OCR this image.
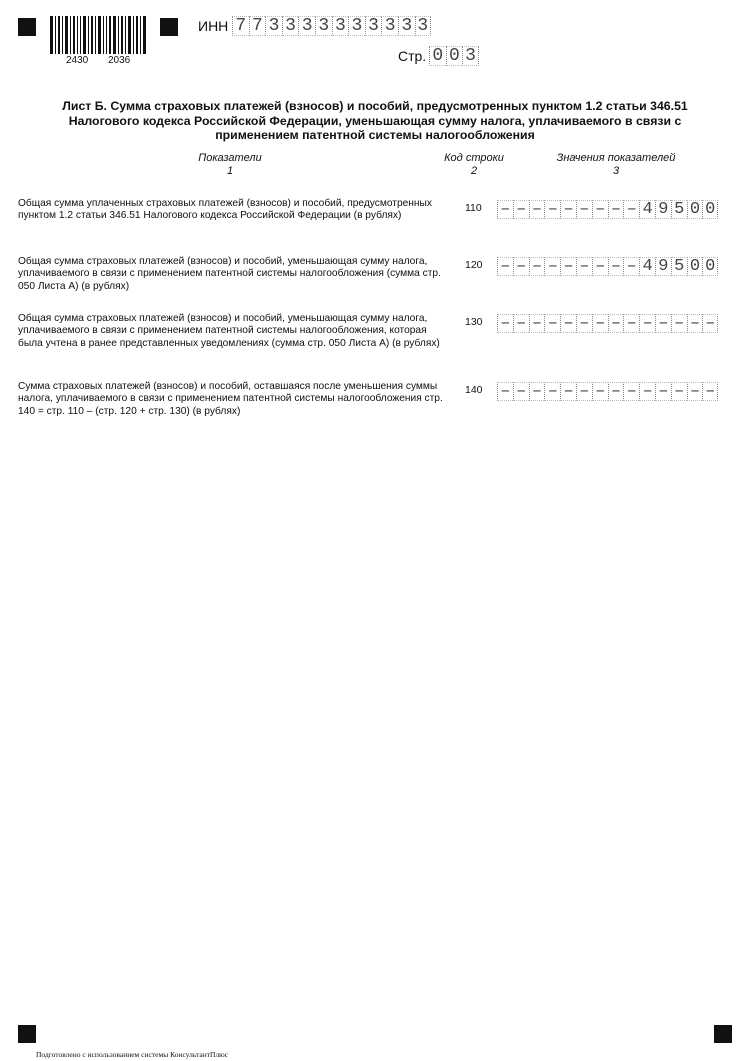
2430 2036
ИНН 7 7 3 3 3 3 3 3 3 3 3 3
Стр. 0 0 3
Лист Б. Сумма страховых платежей (взносов) и пособий, предусмотренных пунктом 1.2 статьи 346.51 Налогового кодекса Российской Федерации, уменьшающая сумму налога, уплачиваемого в связи с применением патентной системы налогообложения
Показатели
1
Код строки
2
Значения показателей
3
Общая сумма уплаченных страховых платежей (взносов) и пособий, предусмотренных пунктом 1.2 статьи 346.51 Налогового кодекса Российской Федерации (в рублях)
110 – – – – – – – – – 4 9 5 0 0
Общая сумма страховых платежей (взносов) и пособий, уменьшающая сумму налога, уплачиваемого в связи с применением патентной системы налогообложения (сумма стр. 050 Листа А) (в рублях)
120 – – – – – – – – – 4 9 5 0 0
Общая сумма страховых платежей (взносов) и пособий, уменьшающая сумму налога, уплачиваемого в связи с применением патентной системы налогообложения, которая была учтена в ранее представленных уведомлениях (сумма стр. 050 Листа А) (в рублях)
130 – – – – – – – – – – – – – –
Сумма страховых платежей (взносов) и пособий, оставшаяся после уменьшения суммы налога, уплачиваемого в связи с применением патентной системы налогообложения стр. 140 = стр. 110 – (стр. 120 + стр. 130) (в рублях)
140 – – – – – – – – – – – – – –
Подготовлено с использованием системы КонсультантПлюс
